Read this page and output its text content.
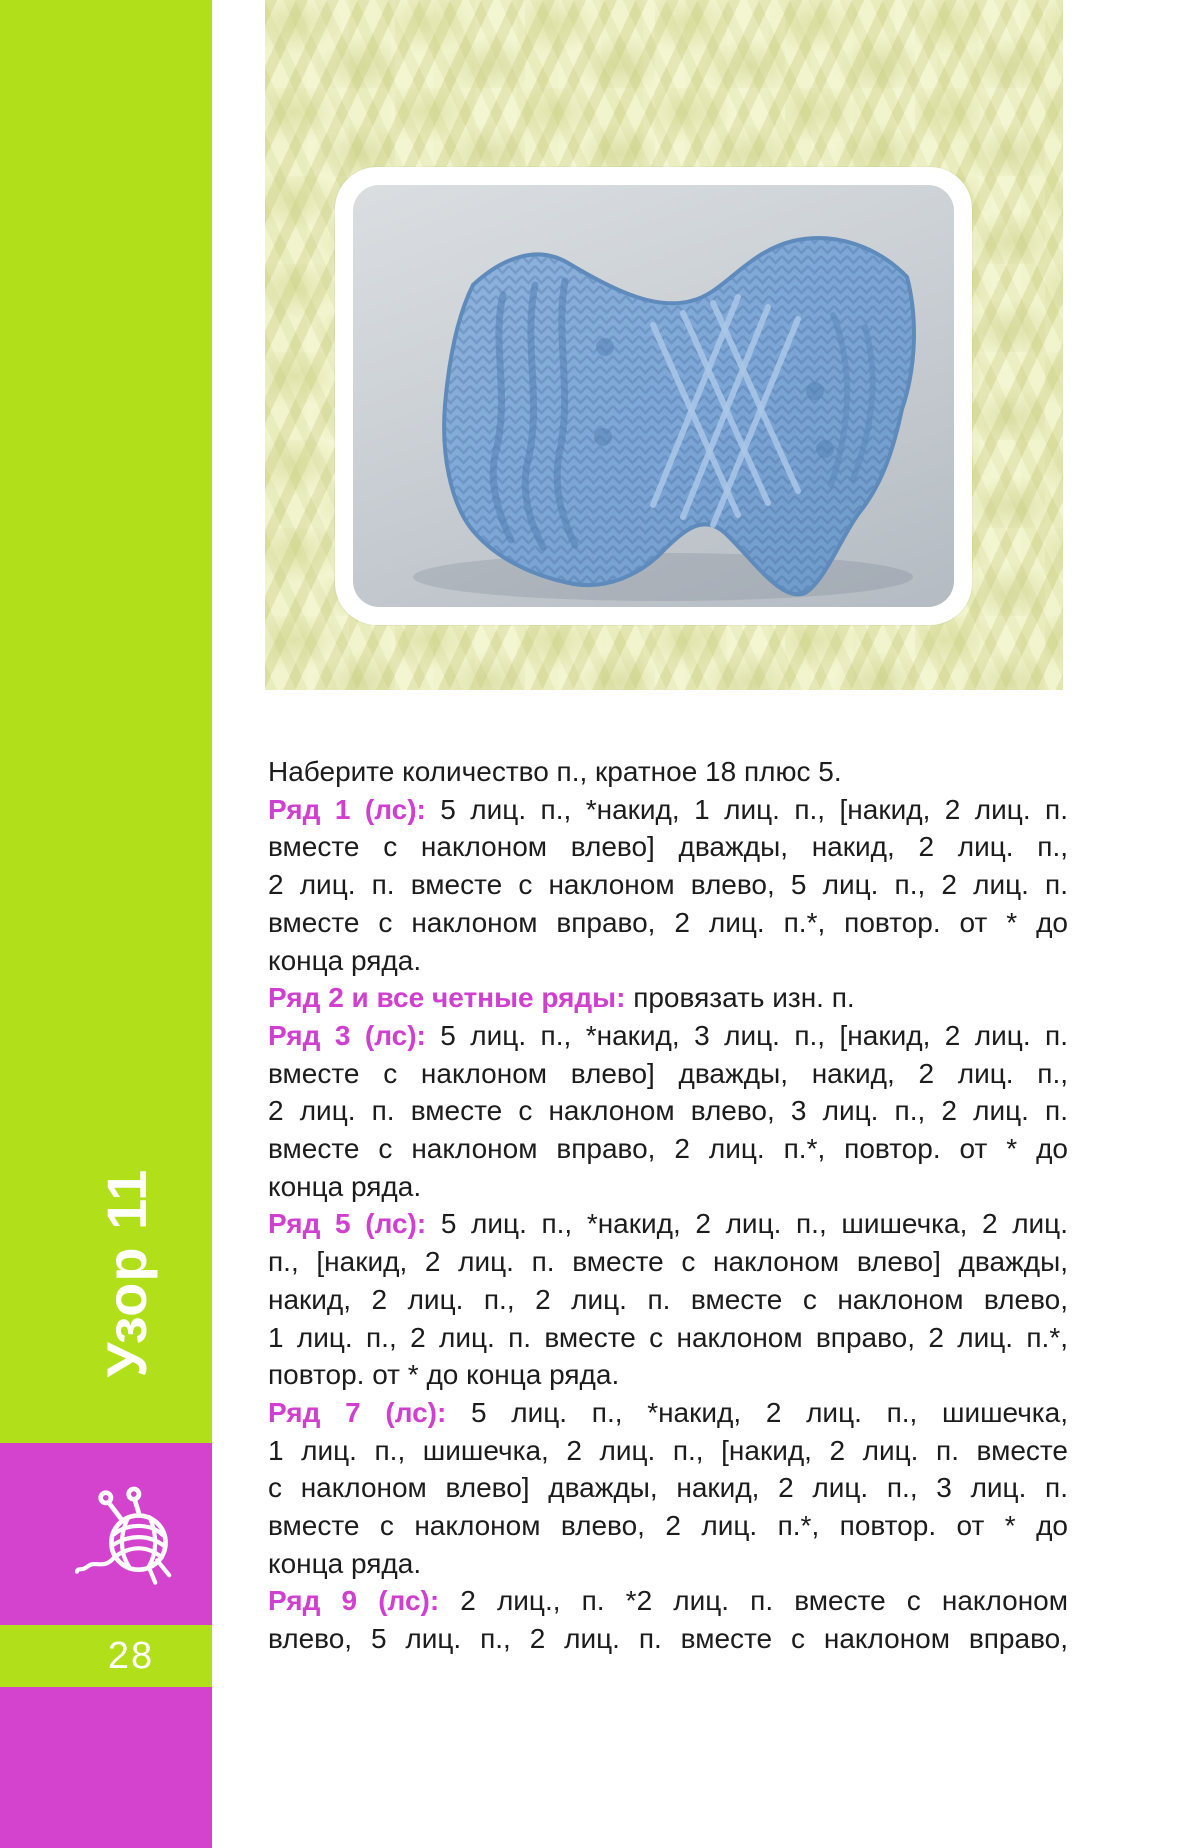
Узор 11
28
Наберите количество п., кратное 18 плюс 5.
Ряд 1 (лс): 5 лиц. п., *накид, 1 лиц. п., [накид, 2 лиц. п.
вместе с наклоном влево] дважды, накид, 2 лиц. п.,
2 лиц. п. вместе с наклоном влево, 5 лиц. п., 2 лиц. п.
вместе с наклоном вправо, 2 лиц. п.*, повтор. от * до
конца ряда.
Ряд 2 и все четные ряды: провязать изн. п.
Ряд 3 (лс): 5 лиц. п., *накид, 3 лиц. п., [накид, 2 лиц. п.
вместе с наклоном влево] дважды, накид, 2 лиц. п.,
2 лиц. п. вместе с наклоном влево, 3 лиц. п., 2 лиц. п.
вместе с наклоном вправо, 2 лиц. п.*, повтор. от * до
конца ряда.
Ряд 5 (лс): 5 лиц. п., *накид, 2 лиц. п., шишечка, 2 лиц.
п., [накид, 2 лиц. п. вместе с наклоном влево] дважды,
накид, 2 лиц. п., 2 лиц. п. вместе с наклоном влево,
1 лиц. п., 2 лиц. п. вместе с наклоном вправо, 2 лиц. п.*,
повтор. от * до конца ряда.
Ряд 7 (лс): 5 лиц. п., *накид, 2 лиц. п., шишечка,
1 лиц. п., шишечка, 2 лиц. п., [накид, 2 лиц. п. вместе
с наклоном влево] дважды, накид, 2 лиц. п., 3 лиц. п.
вместе с наклоном влево, 2 лиц. п.*, повтор. от * до
конца ряда.
Ряд 9 (лс): 2 лиц., п. *2 лиц. п. вместе с наклоном
влево, 5 лиц. п., 2 лиц. п. вместе с наклоном вправо,
